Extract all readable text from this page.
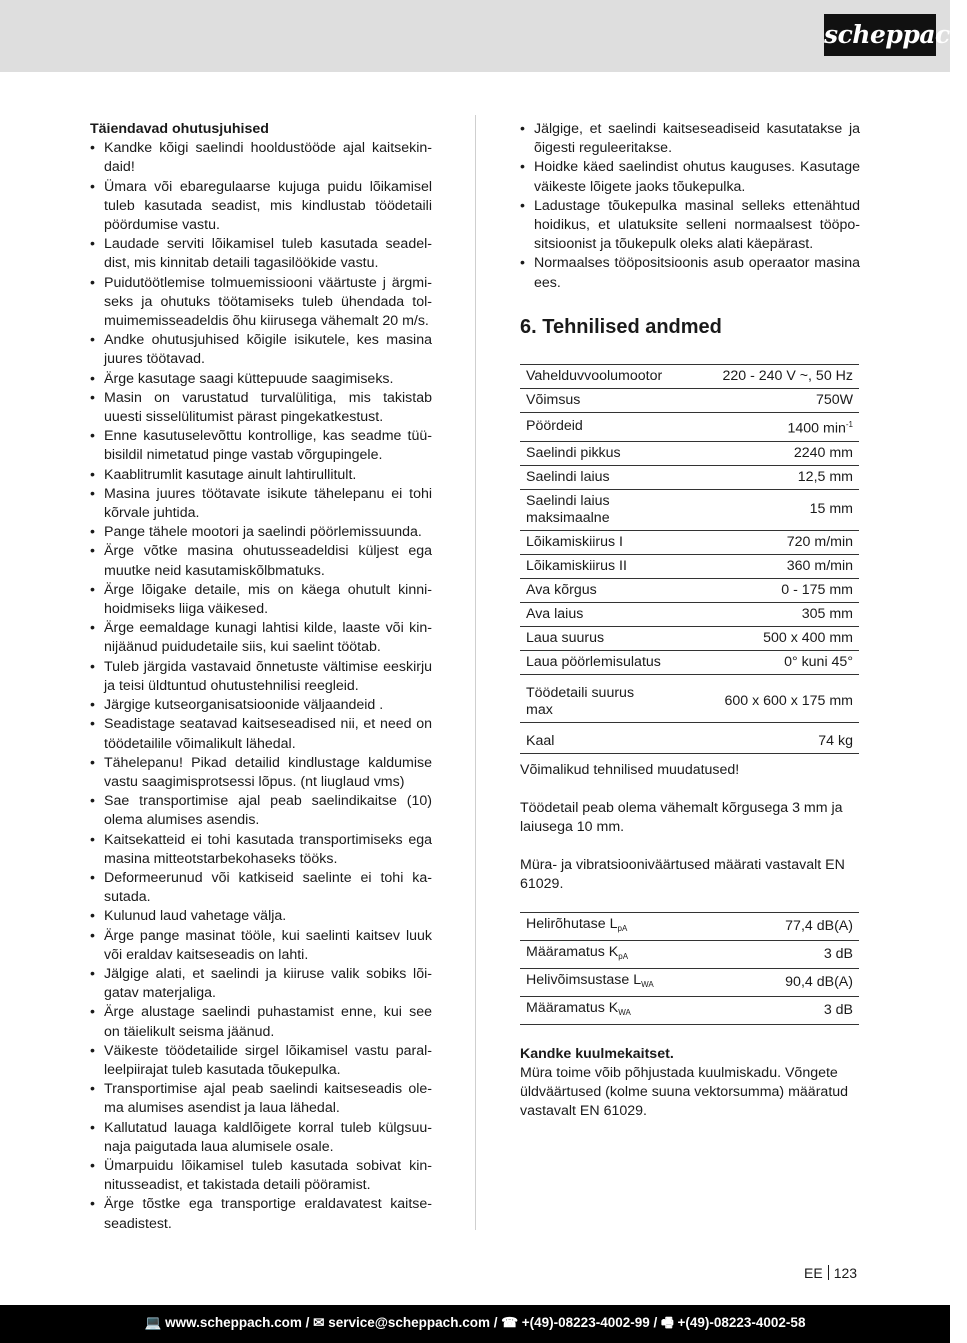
scheppach
Täiendavad ohutusjuhised
• Kandke kõigi saelindi hooldustööde ajal kaitsekindaid!
• Ümara või ebaregulaarse kujuga puidu lõikamisel tuleb kasutada seadist, mis kindlustab töödetaili pöördumise vastu.
• Laudade serviti lõikamisel tuleb kasutada seadeldist, mis kinnitab detaili tagasilöökide vastu.
• Puidutöötlemise tolmuemissiooni väärtuste j ärgmiseks ja ohutuks töötamiseks tuleb ühendada tolmuimemisseadeldis õhu kiirusega vähemalt 20 m/s.
• Andke ohutusjuhised kõigile isikutele, kes masina juures töötavad.
• Ärge kasutage saagi küttepuude saagimiseks.
• Masin on varustatud turvalülitiga, mis takistab uuesti sisselülitumist pärast pingekatkestust.
• Enne kasutuselevõttu kontrollige, kas seadme tüübisildil nimetatud pinge vastab võrgupingele.
• Kaablitrumlit kasutage ainult lahtirullitult.
• Masina juures töötavate isikute tähelepanu ei tohi kõrvale juhtida.
• Pange tähele mootori ja saelindi pöörlemissuunda.
• Ärge võtke masina ohutusseadeldisi küljest ega muutke neid kasutamiskõlbmatuks.
• Ärge lõigake detaile, mis on käega ohutult kinnihoidmiseks liiga väikesed.
• Ärge eemaldage kunagi lahtisi kilde, laaste või kinnijäänud puidudetaile siis, kui saelint töötab.
• Tuleb järgida vastavaid õnnetuste vältimise eeskirju ja teisi üldtuntud ohutustehnilisi reegleid.
• Järgige kutseorganisatsioonide väljaandeid .
• Seadistage seatavad kaitseseadised nii, et need on töödetailile võimalikult lähedal.
• Tähelepanu! Pikad detailid kindlustage kaldumise vastu saagimisprotsessi lõpus. (nt liuglaud vms)
• Sae transportimise ajal peab saelindikaitse (10) olema alumises asendis.
• Kaitsekatteid ei tohi kasutada transportimiseks ega masina mitteotstarbekohaseks tööks.
• Deformeerunud või katkiseid saelinte ei tohi kasutada.
• Kulunud laud vahetage välja.
• Ärge pange masinat tööle, kui saelinti kaitsev luuk või eraldav kaitseseadis on lahti.
• Jälgige alati, et saelindi ja kiiruse valik sobiks lõigatav materjaliga.
• Ärge alustage saelindi puhastamist enne, kui see on täielikult seisma jäänud.
• Väikeste töödetailide sirgel lõikamisel vastu paralleelpiirajat tuleb kasutada tõukepulka.
• Transportimise ajal peab saelindi kaitseseadis olema alumises asendist ja laua lähedal.
• Kallutatud lauaga kaldlõigete korral tuleb külgsuunaja paigutada laua alumisele osale.
• Ümarpuidu lõikamisel tuleb kasutada sobivat kinnitusseadist, et takistada detaili pööramist.
• Ärge tõstke ega transportige eraldavatest kaitseseadistest.
• Jälgige, et saelindi kaitseseadiseid kasutatakse ja õigesti reguleeritakse.
• Hoidke käed saelindist ohutus kauguses. Kasutage väikeste lõigete jaoks tõukepulka.
• Ladustage tõukepulka masinal selleks ettenähtud hoidikus, et ulatuksite selleni normaalsest tööpositsioonist ja tõukepulk oleks alati käepärast.
• Normaalses tööpositsioonis asub operaator masina ees.
6. Tehnilised andmed
Vahelduvvoolumootor	220 - 240 V ~, 50 Hz
Võimsus	750W
Pöördeid	1400 $\min^{-1}$
Saelindi pikkus	2240 mm
Saelindi laius	12,5 mm
Saelindi laius maksimaalne	15 mm
Lõikamiskiirus I	720 m/min
Lõikamiskiirus II	360 m/min
Ava kõrgus	0 - 175 mm
Ava laius	305 mm
Laua suurus	500 x 400 mm
Laua pöörlemisulatus	0° kuni 45°
Töödetaili suurus max	600 x 600 x 175 mm
Kaal	74 kg
Võimalikud tehnilised muudatused!
Töödetail peab olema vähemalt kõrgusega 3 mm ja laiusega 10 mm.
Müra- ja vibratsiooniväärtused määrati vastavalt EN 61029.
Helirõhutase $L_{pA}$	77,4 dB(A)
Määramatus $K_{pA}$	3 dB
Helivõimsustase $L_{WA}$	90,4 dB(A)
Määramatus $K_{WA}$	3 dB
Kandke kuulmekaitset.
Müra toime võib põhjustada kuulmiskadu. Võngete üldväärtused (kolme suuna vektorsumma) määratud vastavalt EN 61029.
EE 123
💻 www.scheppach.com / ✉ service@scheppach.com / ☎ +(49)-08223-4002-99 / 🖷 +(49)-08223-4002-58
